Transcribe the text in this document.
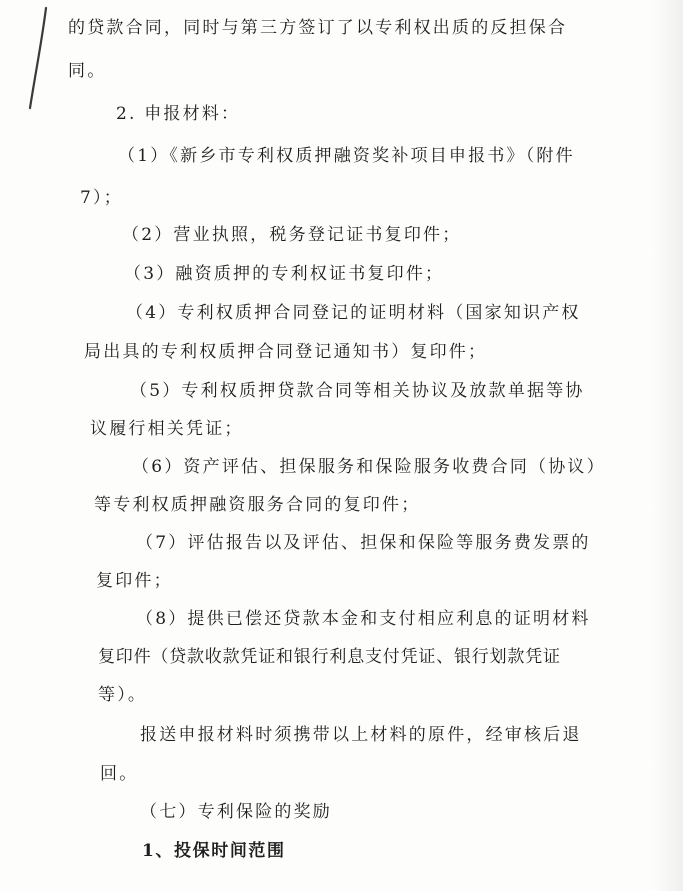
的贷款合同，同时与第三方签订了以专利权出质的反担保合
同。
2. 申报材料：
（1）《新乡市专利权质押融资奖补项目申报书》（附件
7）；
（2）营业执照，税务登记证书复印件；
（3）融资质押的专利权证书复印件；
（4）专利权质押合同登记的证明材料（国家知识产权
局出具的专利权质押合同登记通知书）复印件；
（5）专利权质押贷款合同等相关协议及放款单据等协
议履行相关凭证；
（6）资产评估、担保服务和保险服务收费合同（协议）
等专利权质押融资服务合同的复印件；
（7）评估报告以及评估、担保和保险等服务费发票的
复印件；
（8）提供已偿还贷款本金和支付相应利息的证明材料
复印件（贷款收款凭证和银行利息支付凭证、银行划款凭证
等）。
报送申报材料时须携带以上材料的原件，经审核后退
回。
（七）专利保险的奖励
1、投保时间范围
